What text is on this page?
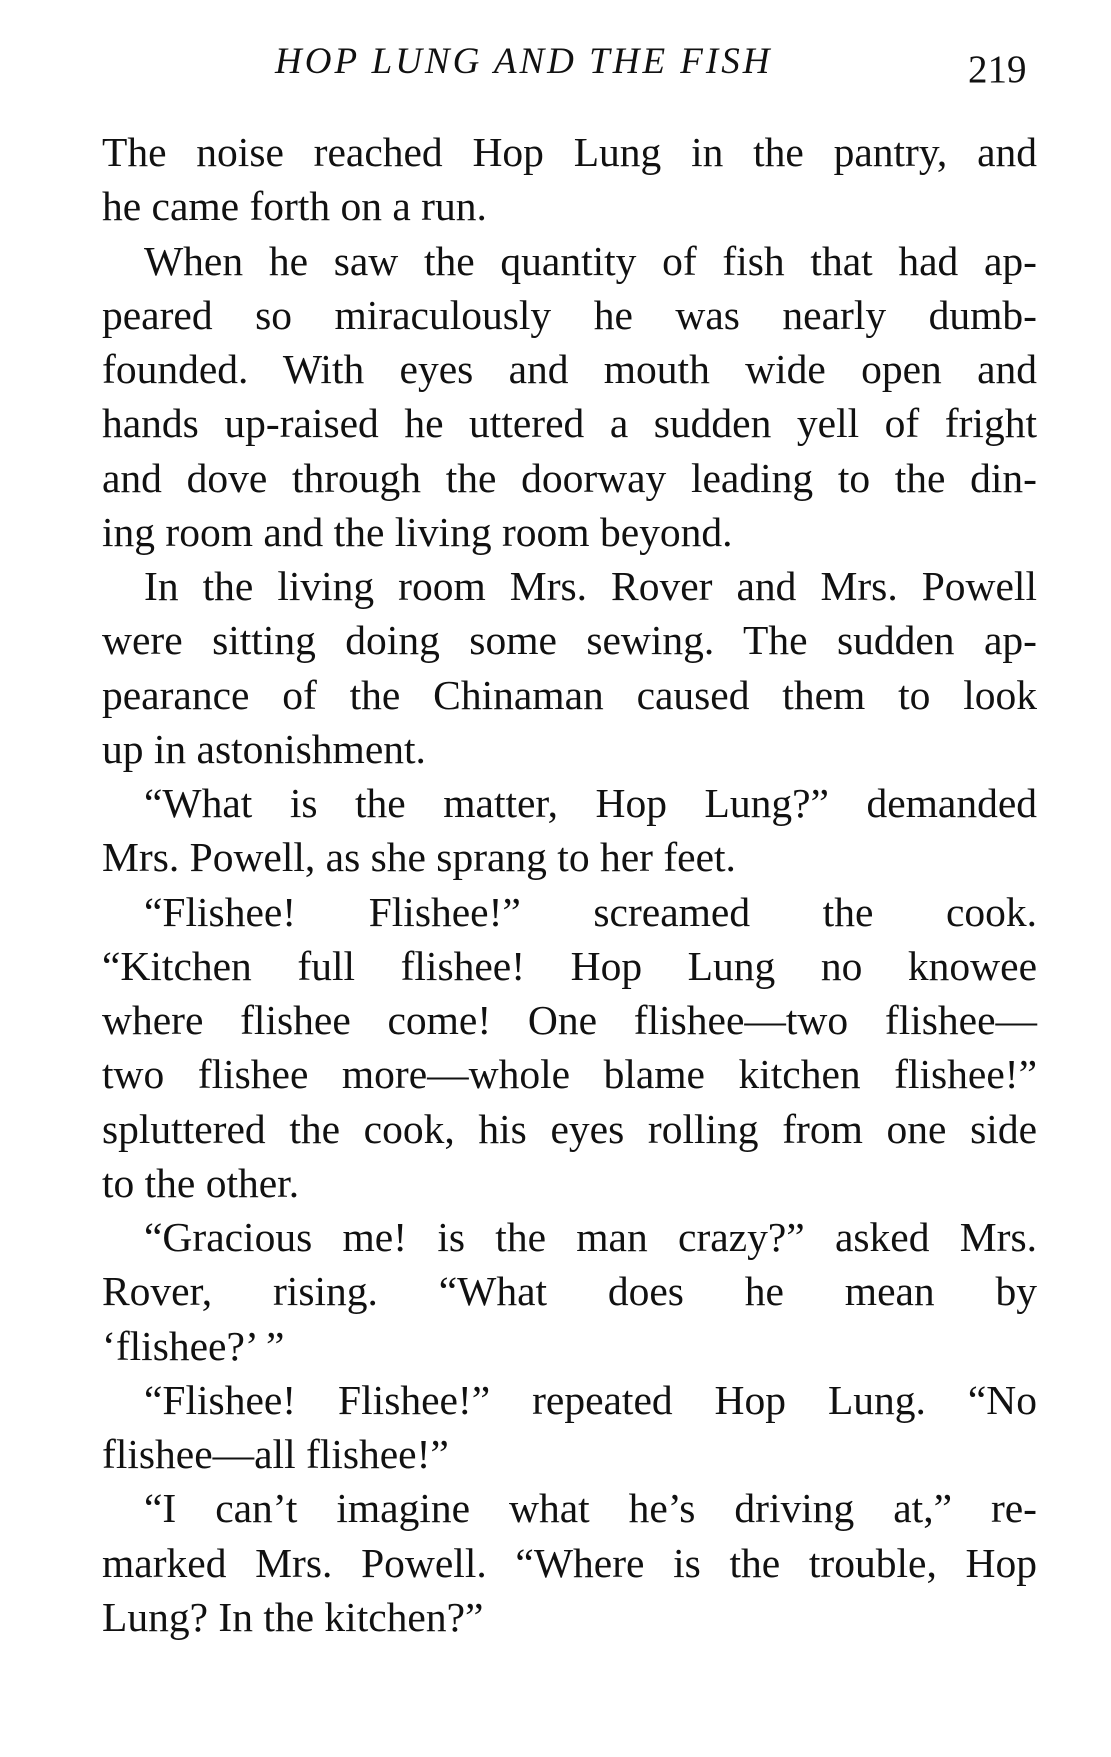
HOP LUNG AND THE FISH	219
The noise reached Hop Lung in the pantry, and
he came forth on a run.
When he saw the quantity of fish that had ap-
peared so miraculously he was nearly dumb-
founded. With eyes and mouth wide open and
hands up-raised he uttered a sudden yell of fright
and dove through the doorway leading to the din-
ing room and the living room beyond.
In the living room Mrs. Rover and Mrs. Powell
were sitting doing some sewing. The sudden ap-
pearance of the Chinaman caused them to look
up in astonishment.
“What is the matter, Hop Lung?” demanded
Mrs. Powell, as she sprang to her feet.
“Flishee! Flishee!” screamed the cook.
“Kitchen full flishee! Hop Lung no knowee
where flishee come! One flishee—two flishee—
two flishee more—whole blame kitchen flishee!”
spluttered the cook, his eyes rolling from one side
to the other.
“Gracious me! is the man crazy?” asked Mrs.
Rover, rising. “What does he mean by
‘flishee?’ ”
“Flishee! Flishee!” repeated Hop Lung. “No
flishee—all flishee!”
“I can’t imagine what he’s driving at,” re-
marked Mrs. Powell. “Where is the trouble, Hop
Lung? In the kitchen?”
